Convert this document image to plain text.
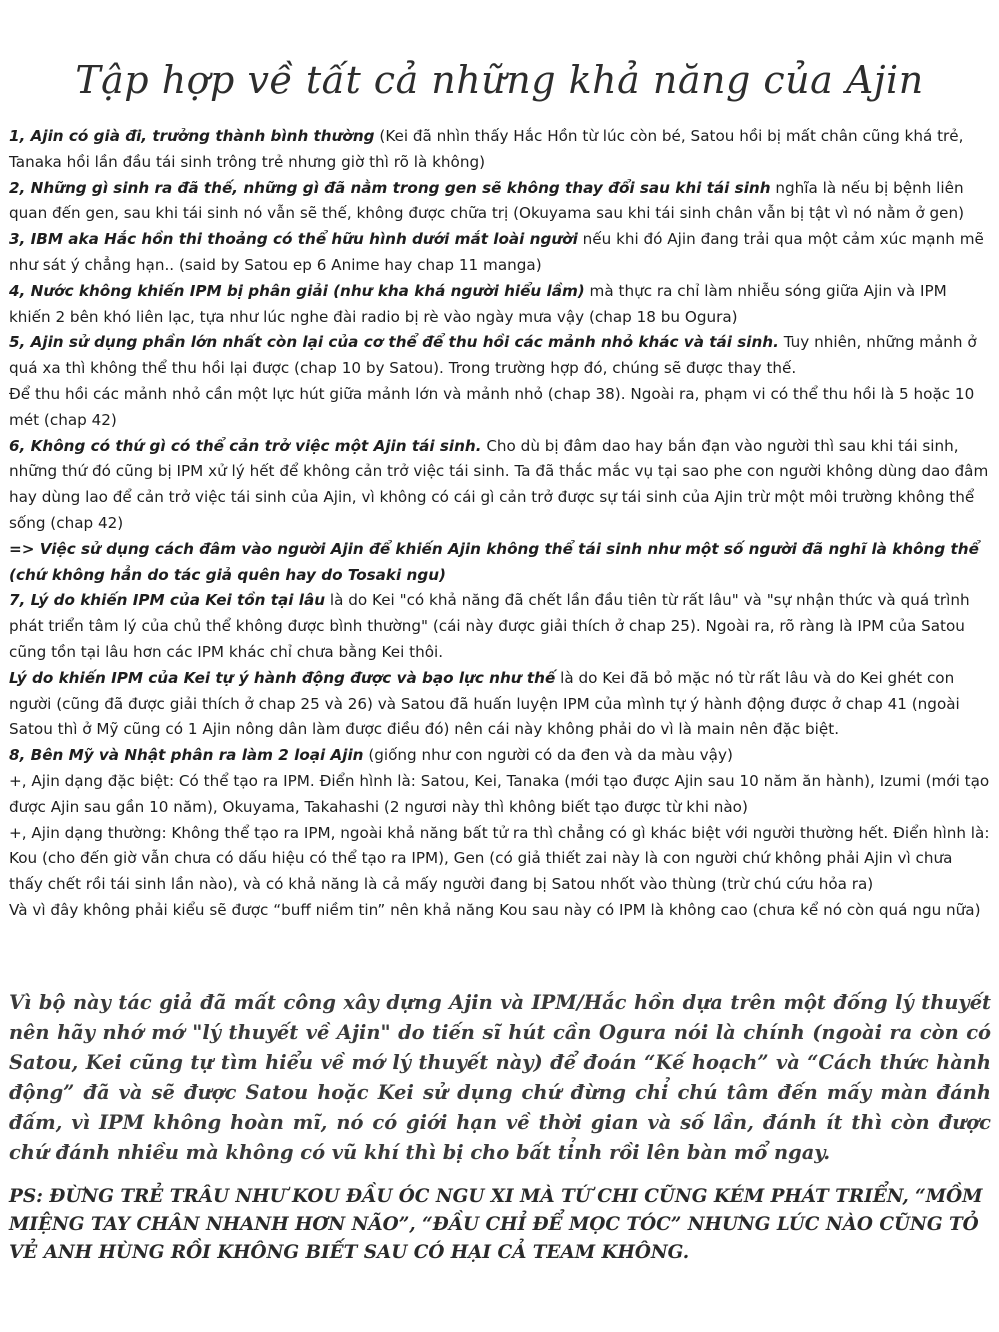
Tập hợp về tất cả những khả năng của Ajin

1, Ajin có già đi, trưởng thành bình thường (Kei đã nhìn thấy Hắc Hồn từ lúc còn bé, Satou hồi bị mất chân cũng khá trẻ, Tanaka hồi lần đầu tái sinh trông trẻ nhưng giờ thì rõ là không)

2, Những gì sinh ra đã thế, những gì đã nằm trong gen sẽ không thay đổi sau khi tái sinh nghĩa là nếu bị bệnh liên quan đến gen, sau khi tái sinh nó vẫn sẽ thế, không được chữa trị (Okuyama sau khi tái sinh chân vẫn bị tật vì nó nằm ở gen)

3, IBM aka Hắc hồn thi thoảng có thể hữu hình dưới mắt loài người nếu khi đó Ajin đang trải qua một cảm xúc mạnh mẽ như sát ý chẳng hạn.. (said by Satou ep 6 Anime hay chap 11 manga)

4, Nước không khiến IPM bị phân giải (như kha khá người hiểu lầm) mà thực ra chỉ làm nhiễu sóng giữa Ajin và IPM khiến 2 bên khó liên lạc, tựa như lúc nghe đài radio bị rè vào ngày mưa vậy (chap 18 bu Ogura)

5, Ajin sử dụng phần lớn nhất còn lại của cơ thể để thu hồi các mảnh nhỏ khác và tái sinh. Tuy nhiên, những mảnh ở quá xa thì không thể thu hồi lại được (chap 10 by Satou). Trong trường hợp đó, chúng sẽ được thay thế.

Để thu hồi các mảnh nhỏ cần một lực hút giữa mảnh lớn và mảnh nhỏ (chap 38). Ngoài ra, phạm vi có thể thu hồi là 5 hoặc 10 mét (chap 42)

6, Không có thứ gì có thể cản trở việc một Ajin tái sinh. Cho dù bị đâm dao hay bắn đạn vào người thì sau khi tái sinh, những thứ đó cũng bị IPM xử lý hết để không cản trở việc tái sinh. Ta đã thắc mắc vụ tại sao phe con người không dùng dao đâm hay dùng lao để cản trở việc tái sinh của Ajin, vì không có cái gì cản trở được sự tái sinh của Ajin trừ một môi trường không thể sống (chap 42)

=> Việc sử dụng cách đâm vào người Ajin để khiến Ajin không thể tái sinh như một số người đã nghĩ là không thể (chứ không hẳn do tác giả quên hay do Tosaki ngu)

7, Lý do khiến IPM của Kei tồn tại lâu là do Kei "có khả năng đã chết lần đầu tiên từ rất lâu" và "sự nhận thức và quá trình phát triển tâm lý của chủ thể không được bình thường" (cái này được giải thích ở chap 25). Ngoài ra, rõ ràng là IPM của Satou cũng tồn tại lâu hơn các IPM khác chỉ chưa bằng Kei thôi.

Lý do khiến IPM của Kei tự ý hành động được và bạo lực như thế là do Kei đã bỏ mặc nó từ rất lâu và do Kei ghét con người (cũng đã được giải thích ở chap 25 và 26) và Satou đã huấn luyện IPM của mình tự ý hành động được ở chap 41 (ngoài Satou thì ở Mỹ cũng có 1 Ajin nông dân làm được điều đó) nên cái này không phải do vì là main nên đặc biệt.

8, Bên Mỹ và Nhật phân ra làm 2 loại Ajin (giống như con người có da đen và da màu vậy)

+, Ajin dạng đặc biệt: Có thể tạo ra IPM. Điển hình là: Satou, Kei, Tanaka (mới tạo được Ajin sau 10 năm ăn hành), Izumi (mới tạo được Ajin sau gần 10 năm), Okuyama, Takahashi (2 ngươi này thì không biết tạo được từ khi nào)

+, Ajin dạng thường: Không thể tạo ra IPM, ngoài khả năng bất tử ra thì chẳng có gì khác biệt với người thường hết. Điển hình là: Kou (cho đến giờ vẫn chưa có dấu hiệu có thể tạo ra IPM), Gen (có giả thiết zai này là con người chứ không phải Ajin vì chưa thấy chết rồi tái sinh lần nào), và có khả năng là cả mấy người đang bị Satou nhốt vào thùng (trừ chú cứu hỏa ra)

Và vì đây không phải kiểu sẽ được “buff niềm tin” nên khả năng Kou sau này có IPM là không cao (chưa kể nó còn quá ngu nữa)

Vì bộ này tác giả đã mất công xây dựng Ajin và IPM/Hắc hồn dựa trên một đống lý thuyết nên hãy nhớ mớ "lý thuyết về Ajin" do tiến sĩ hút cần Ogura nói là chính (ngoài ra còn có Satou, Kei cũng tự tìm hiểu về mớ lý thuyết này) để đoán “Kế hoạch” và “Cách thức hành động” đã và sẽ được Satou hoặc Kei sử dụng chứ đừng chỉ chú tâm đến mấy màn đánh đấm, vì IPM không hoàn mĩ, nó có giới hạn về thời gian và số lần, đánh ít thì còn được chứ đánh nhiều mà không có vũ khí thì bị cho bất tỉnh rồi lên bàn mổ ngay.

PS: ĐỪNG TRẺ TRÂU NHƯ KOU ĐẦU ÓC NGU XI MÀ TỨ CHI CŨNG KÉM PHÁT TRIỂN, “MỒM MIỆNG TAY CHÂN NHANH HƠN NÃO”, “ĐẦU CHỈ ĐỂ MỌC TÓC” NHƯNG LÚC NÀO CŨNG TỎ VẺ ANH HÙNG RỒI KHÔNG BIẾT SAU CÓ HẠI CẢ TEAM KHÔNG.
